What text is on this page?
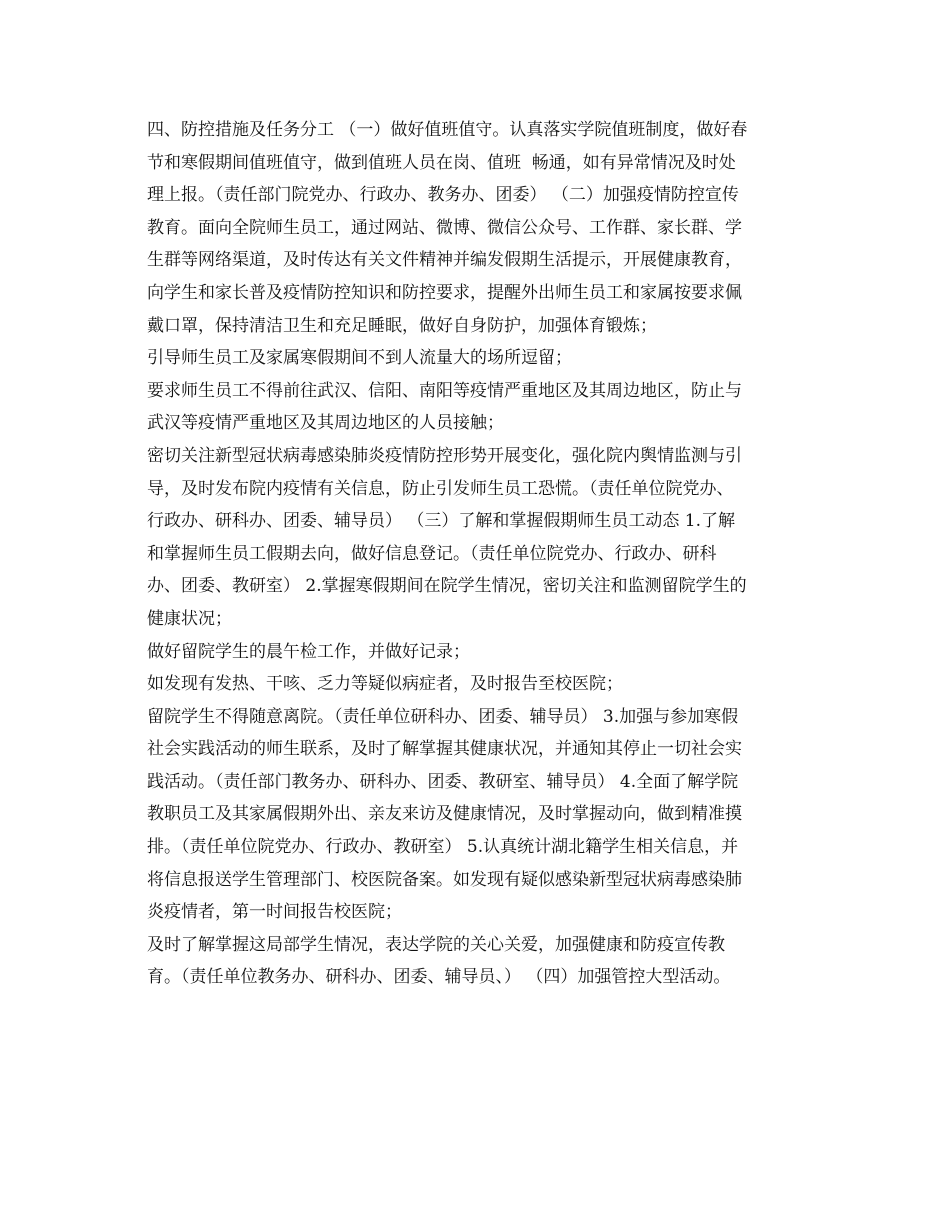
四、防控措施及任务分工 （一）做好值班值守。认真落实学院值班制度，做好春
节和寒假期间值班值守，做到值班人员在岗、值班  畅通，如有异常情况及时处
理上报。（责任部门院党办、行政办、教务办、团委） （二）加强疫情防控宣传
教育。面向全院师生员工，通过网站、微博、微信公众号、工作群、家长群、学
生群等网络渠道，及时传达有关文件精神并编发假期生活提示，开展健康教育，
向学生和家长普及疫情防控知识和防控要求，提醒外出师生员工和家属按要求佩
戴口罩，保持清洁卫生和充足睡眠，做好自身防护，加强体育锻炼；
引导师生员工及家属寒假期间不到人流量大的场所逗留；
要求师生员工不得前往武汉、信阳、南阳等疫情严重地区及其周边地区，防止与
武汉等疫情严重地区及其周边地区的人员接触；
密切关注新型冠状病毒感染肺炎疫情防控形势开展变化，强化院内舆情监测与引
导，及时发布院内疫情有关信息，防止引发师生员工恐慌。（责任单位院党办、
行政办、研科办、团委、辅导员） （三）了解和掌握假期师生员工动态 1.了解
和掌握师生员工假期去向，做好信息登记。（责任单位院党办、行政办、研科
办、团委、教研室） 2.掌握寒假期间在院学生情况，密切关注和监测留院学生的
健康状况；
做好留院学生的晨午检工作，并做好记录；
如发现有发热、干咳、乏力等疑似病症者，及时报告至校医院；
留院学生不得随意离院。（责任单位研科办、团委、辅导员） 3.加强与参加寒假
社会实践活动的师生联系，及时了解掌握其健康状况，并通知其停止一切社会实
践活动。（责任部门教务办、研科办、团委、教研室、辅导员） 4.全面了解学院
教职员工及其家属假期外出、亲友来访及健康情况，及时掌握动向，做到精准摸
排。（责任单位院党办、行政办、教研室） 5.认真统计湖北籍学生相关信息，并
将信息报送学生管理部门、校医院备案。如发现有疑似感染新型冠状病毒感染肺
炎疫情者，第一时间报告校医院；
及时了解掌握这局部学生情况，表达学院的关心关爱，加强健康和防疫宣传教
育。（责任单位教务办、研科办、团委、辅导员、） （四）加强管控大型活动。
